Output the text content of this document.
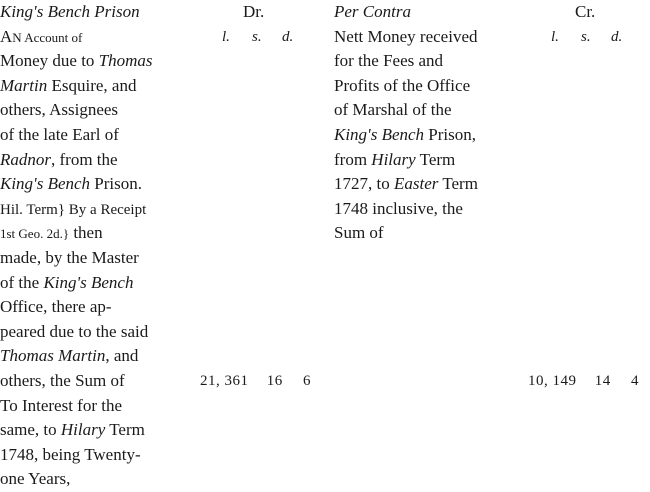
King's Bench Prison
AN Account of
Money due to Thomas
Martin Esquire, and
others, Assignees
of the late Earl of
Radnor, from the
King's Bench Prison.
Hil. Term} By a Receipt
1st Geo. 2d.} then
made, by the Master
of the King's Bench
Office, there ap-
peared due to the said
Thomas Martin, and
others, the Sum of
To Interest for the
same, to Hilary Term
1748, being Twenty-
one Years,
Dr.
l. s. d.
21, 361 16 6
Per Contra
Nett Money received
for the Fees and
Profits of the Office
of Marshal of the
King's Bench Prison,
from Hilary Term
1727, to Easter Term
1748 inclusive, the
Sum of
Cr.
l. s. d.
10, 149 14 4
